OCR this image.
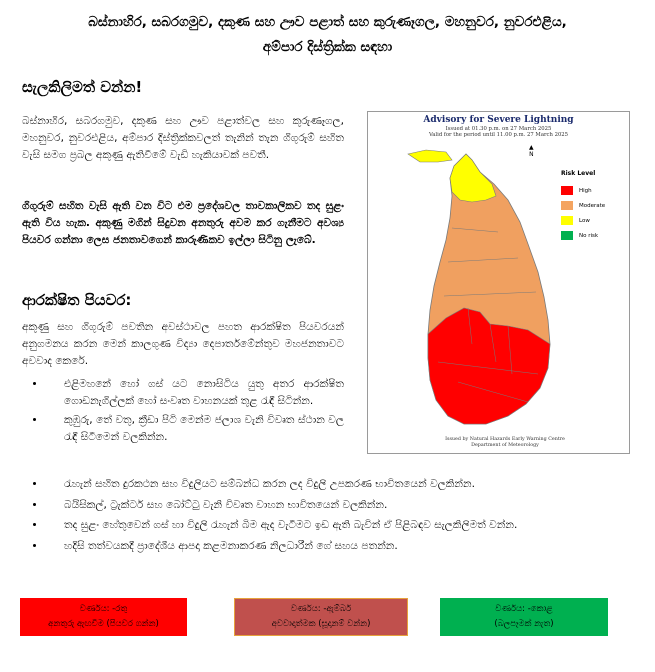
බස්නාහිර, සබරගමුව, දකුණ සහ ඌව පළාත් සහ කුරුණෑගල, මහනුවර, නුවරඑළිය,
අම්පාර දිස්ත්‍රික්ක සඳහා
සැලකිලිමත් වන්න!

බස්නාහිර, සබරගමුව, දකුණ සහ ඌව පළාත්වල සහ කුරුණෑගල, මහනුවර, නුවරඑළිය, අම්පාර දිස්ත්‍රික්කවලත් තැනින් තැන ගිගුරුම් සහිත වැසි සමග ප්‍රබල අකුණු ඇතිවීමේ වැඩි හැකියාවක් පවතී.

ගිගුරුම් සහිත වැසි ඇති වන විට එම ප්‍රදේශවල තාවකාලිකව තද සුළං ඇති විය හැක. අකුණු මගින් සිදුවන අනතුරු අවම කර ගැනීමට අවශ්‍ය පියවර ගන්නා ලෙස ජනතාවගෙන් කාරුණිකව ඉල්ලා සිටිනු ලැබේ.

ආරක්ෂිත පියවර:

අකුණු සහ ගිගුරුම් පවතින අවස්ථාවල පහත ආරක්ෂිත පියවරයන් අනුගමනය කරන මෙන් කාලගුණ විද්‍යා දෙපාර්තමේන්තුව මහජනතාවට අවවාද කෙරේ.

• එළිමහනේ හෝ ගස් යට නොසිටිය යුතු අතර ආරක්ෂිත ගොඩනැගිල්ලක් හෝ සංවෘත වාහනයක් තුළ රැඳී සිටින්න.
• කුඹුරු, තේ වතු, ක්‍රීඩා පිටි මෙන්ම ජලාශ වැනි විවෘත ස්ථාන වල රැඳී සිටීමෙන් වලකින්න.
• රැහැන් සහිත දුරකථන සහ විදුලියට සම්බන්ධ කරන ලද විදුලි උපකරණ භාවිතයෙන් වලකින්න.
• බයිසිකල්, ට්‍රැක්ටර් සහ බෝට්ටු වැනි විවෘත වාහන භාවිතයෙන් වලකින්න.
• තද සුළං හේතුවෙන් ගස් හා විදුලි රැහැන් බිම ඇද වැටීමට ඉඩ ඇති බැවින් ඒ පිළිබඳව සැලකිලිමත් වන්න.
• හදිසි තත්වයකදී ප්‍රාදේශීය ආපදා කළමනාකරණ නිලධාරීන් ගේ සහය පතන්න.
Advisory for Severe Lightning
Issued at 01.30 p.m. on 27 March 2025
Valid for the period until 11.00 p.m. 27 March 2025
▲
N
Risk Level
High
Moderate
Low
No risk
Issued by Natural Hazards Early Warning Centre
Department of Meteorology
වර්ණය: -රතු
අනතුරු ඇඟවීම (පියවර ගන්න)
වර්ණය: -ඇම්බර්
අවවාදාත්මක (සූදානම් වන්න)
වර්ණය: -කොළ
(බලපෑමක් නැත)
